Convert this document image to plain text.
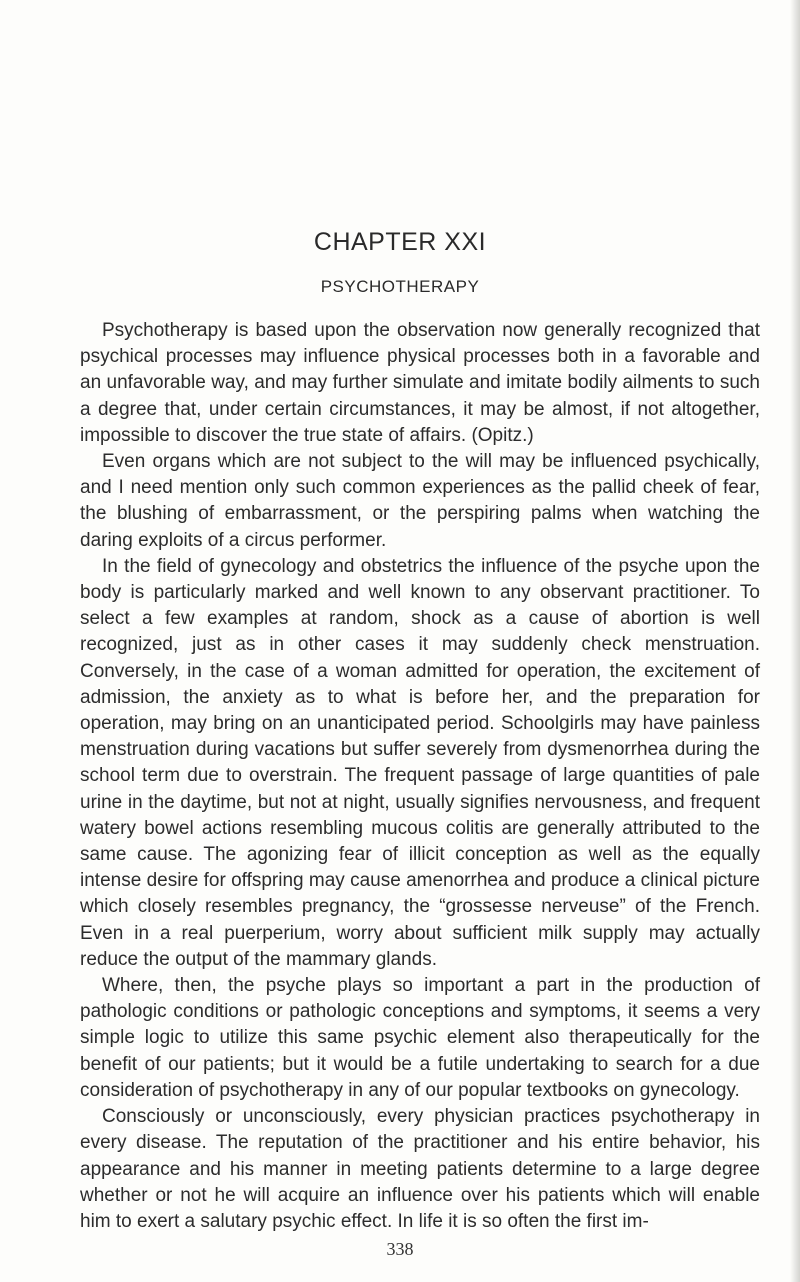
CHAPTER XXI
PSYCHOTHERAPY

Psychotherapy is based upon the observation now generally recognized that psychical processes may influence physical processes both in a favorable and an unfavorable way, and may further simulate and imitate bodily ailments to such a degree that, under certain circumstances, it may be almost, if not altogether, impossible to discover the true state of affairs. (Opitz.)

Even organs which are not subject to the will may be influenced psychically, and I need mention only such common experiences as the pallid cheek of fear, the blushing of embarrassment, or the perspiring palms when watching the daring exploits of a circus performer.

In the field of gynecology and obstetrics the influence of the psyche upon the body is particularly marked and well known to any observant practitioner. To select a few examples at random, shock as a cause of abortion is well recognized, just as in other cases it may suddenly check menstruation. Conversely, in the case of a woman admitted for operation, the excitement of admission, the anxiety as to what is before her, and the preparation for operation, may bring on an unanticipated period. Schoolgirls may have painless menstruation during vacations but suffer severely from dysmenorrhea during the school term due to overstrain. The frequent passage of large quantities of pale urine in the daytime, but not at night, usually signifies nervousness, and frequent watery bowel actions resembling mucous colitis are generally attributed to the same cause. The agonizing fear of illicit conception as well as the equally intense desire for offspring may cause amenorrhea and produce a clinical picture which closely resembles pregnancy, the “grossesse nerveuse” of the French. Even in a real puerperium, worry about sufficient milk supply may actually reduce the output of the mammary glands.

Where, then, the psyche plays so important a part in the production of pathologic conditions or pathologic conceptions and symptoms, it seems a very simple logic to utilize this same psychic element also therapeutically for the benefit of our patients; but it would be a futile undertaking to search for a due consideration of psychotherapy in any of our popular textbooks on gynecology.

Consciously or unconsciously, every physician practices psychotherapy in every disease. The reputation of the practitioner and his entire behavior, his appearance and his manner in meeting patients determine to a large degree whether or not he will acquire an influence over his patients which will enable him to exert a salutary psychic effect. In life it is so often the first im-

338
